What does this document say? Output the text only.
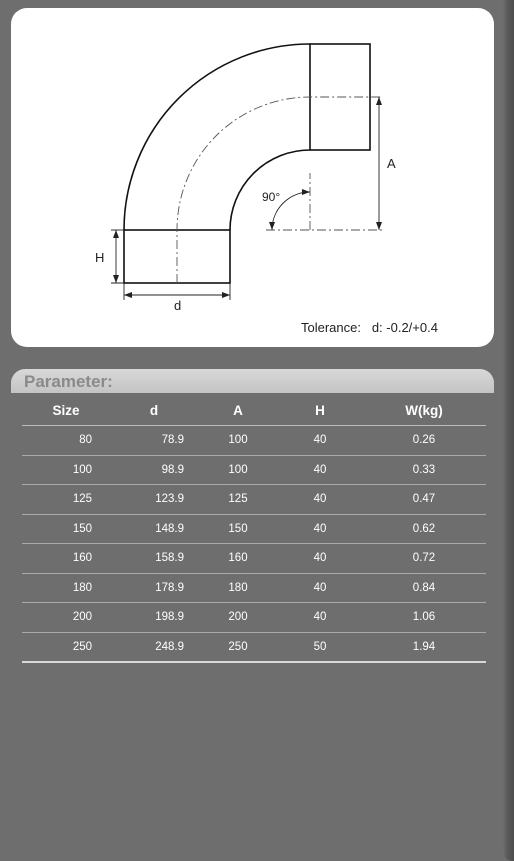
A
H
d
90°
Tolerance: d: -0.2/+0.4
Parameter:
Size	d	A	H	W(kg)
80	78.9	100	40	0.26
100	98.9	100	40	0.33
125	123.9	125	40	0.47
150	148.9	150	40	0.62
160	158.9	160	40	0.72
180	178.9	180	40	0.84
200	198.9	200	40	1.06
250	248.9	250	50	1.94
